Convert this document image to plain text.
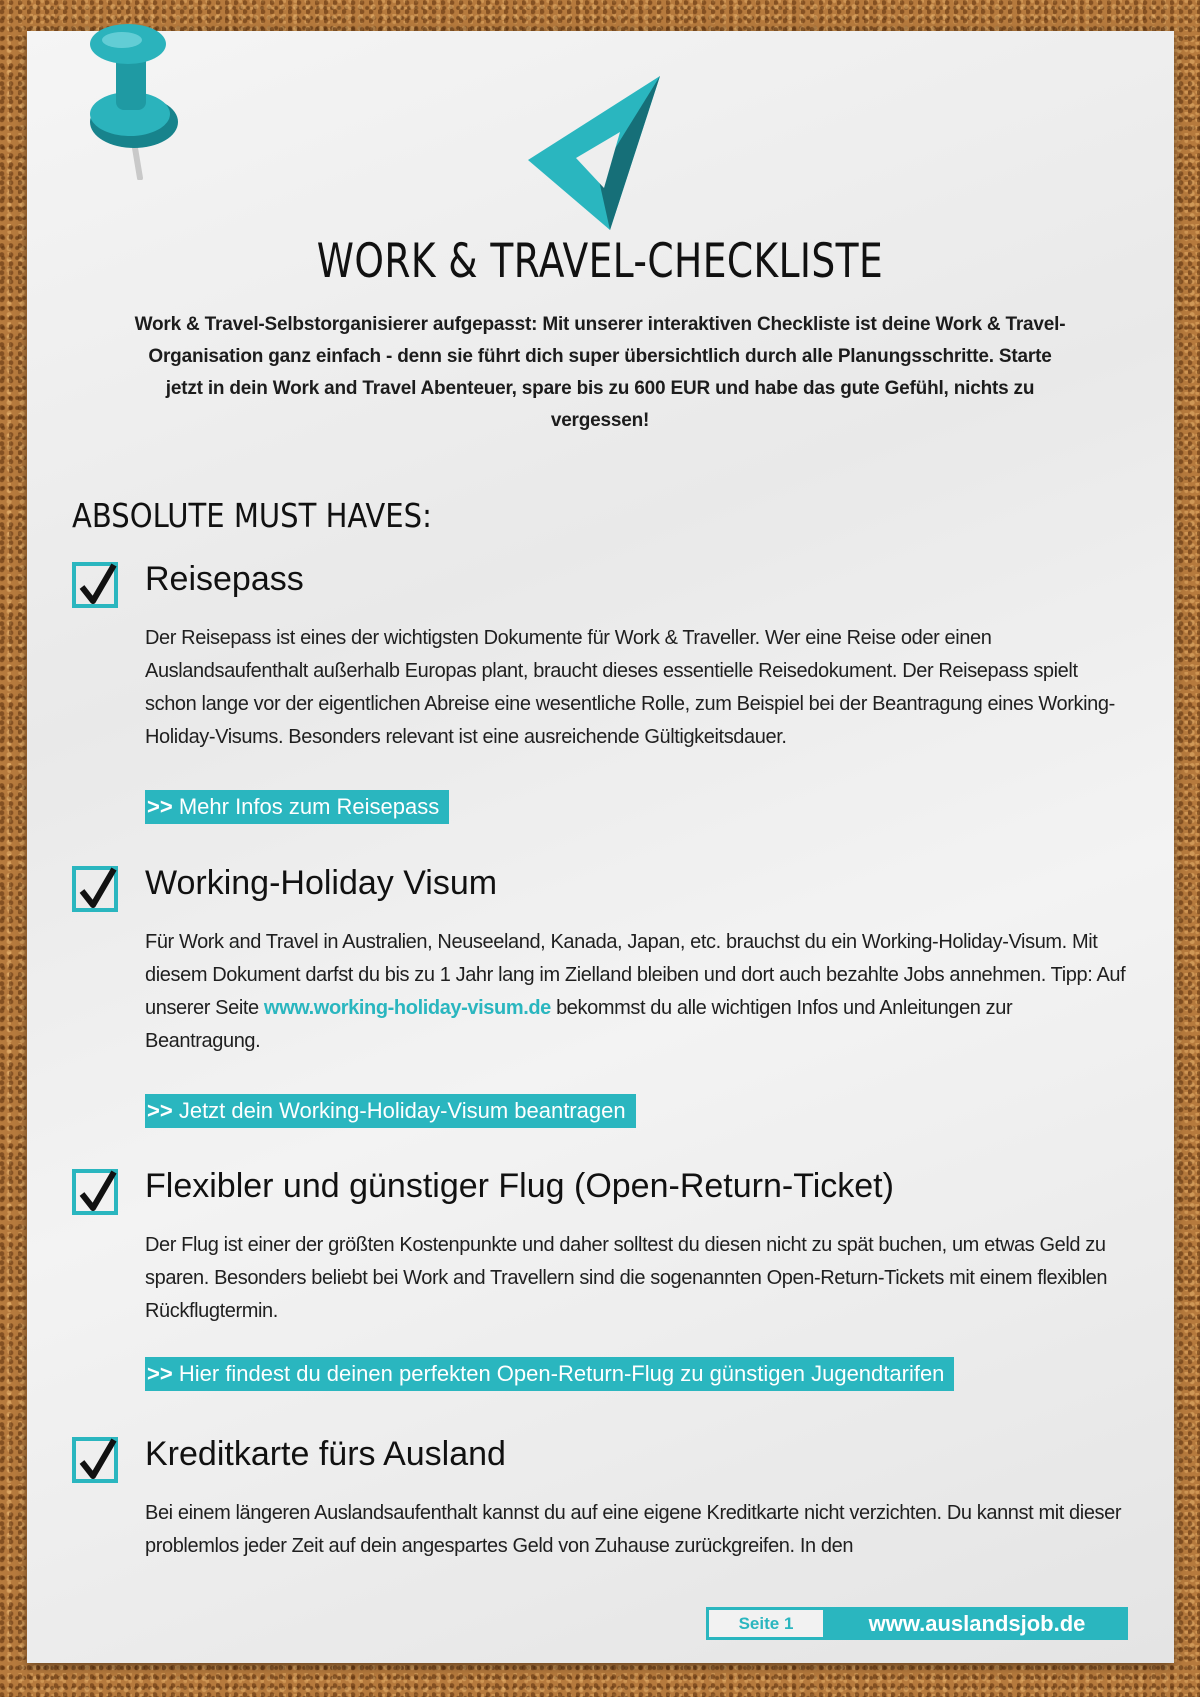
WORK & TRAVEL-CHECKLISTE

Work & Travel-Selbstorganisierer aufgepasst: Mit unserer interaktiven Checkliste ist deine Work & Travel-Organisation ganz einfach - denn sie führt dich super übersichtlich durch alle Planungsschritte. Starte jetzt in dein Work and Travel Abenteuer, spare bis zu 600 EUR und habe das gute Gefühl, nichts zu vergessen!

ABSOLUTE MUST HAVES:
Reisepass

Der Reisepass ist eines der wichtigsten Dokumente für Work & Traveller. Wer eine Reise oder einen Auslandsaufenthalt außerhalb Europas plant, braucht dieses essentielle Reisedokument. Der Reisepass spielt schon lange vor der eigentlichen Abreise eine wesentliche Rolle, zum Beispiel bei der Beantragung eines Working-Holiday-Visums. Besonders relevant ist eine ausreichende Gültigkeitsdauer.

>> Mehr Infos zum Reisepass
Working-Holiday Visum

Für Work and Travel in Australien, Neuseeland, Kanada, Japan, etc. brauchst du ein Working-Holiday-Visum. Mit diesem Dokument darfst du bis zu 1 Jahr lang im Zielland bleiben und dort auch bezahlte Jobs annehmen. Tipp: Auf unserer Seite www.working-holiday-visum.de bekommst du alle wichtigen Infos und Anleitungen zur Beantragung.

>> Jetzt dein Working-Holiday-Visum beantragen
Flexibler und günstiger Flug (Open-Return-Ticket)

Der Flug ist einer der größten Kostenpunkte und daher solltest du diesen nicht zu spät buchen, um etwas Geld zu sparen. Besonders beliebt bei Work and Travellern sind die sogenannten Open-Return-Tickets mit einem flexiblen Rückflugtermin.

>> Hier findest du deinen perfekten Open-Return-Flug zu günstigen Jugendtarifen
Kreditkarte fürs Ausland

Bei einem längeren Auslandsaufenthalt kannst du auf eine eigene Kreditkarte nicht verzichten. Du kannst mit dieser problemlos jeder Zeit auf dein angespartes Geld von Zuhause zurückgreifen. In den

Seite 1	www.auslandsjob.de
